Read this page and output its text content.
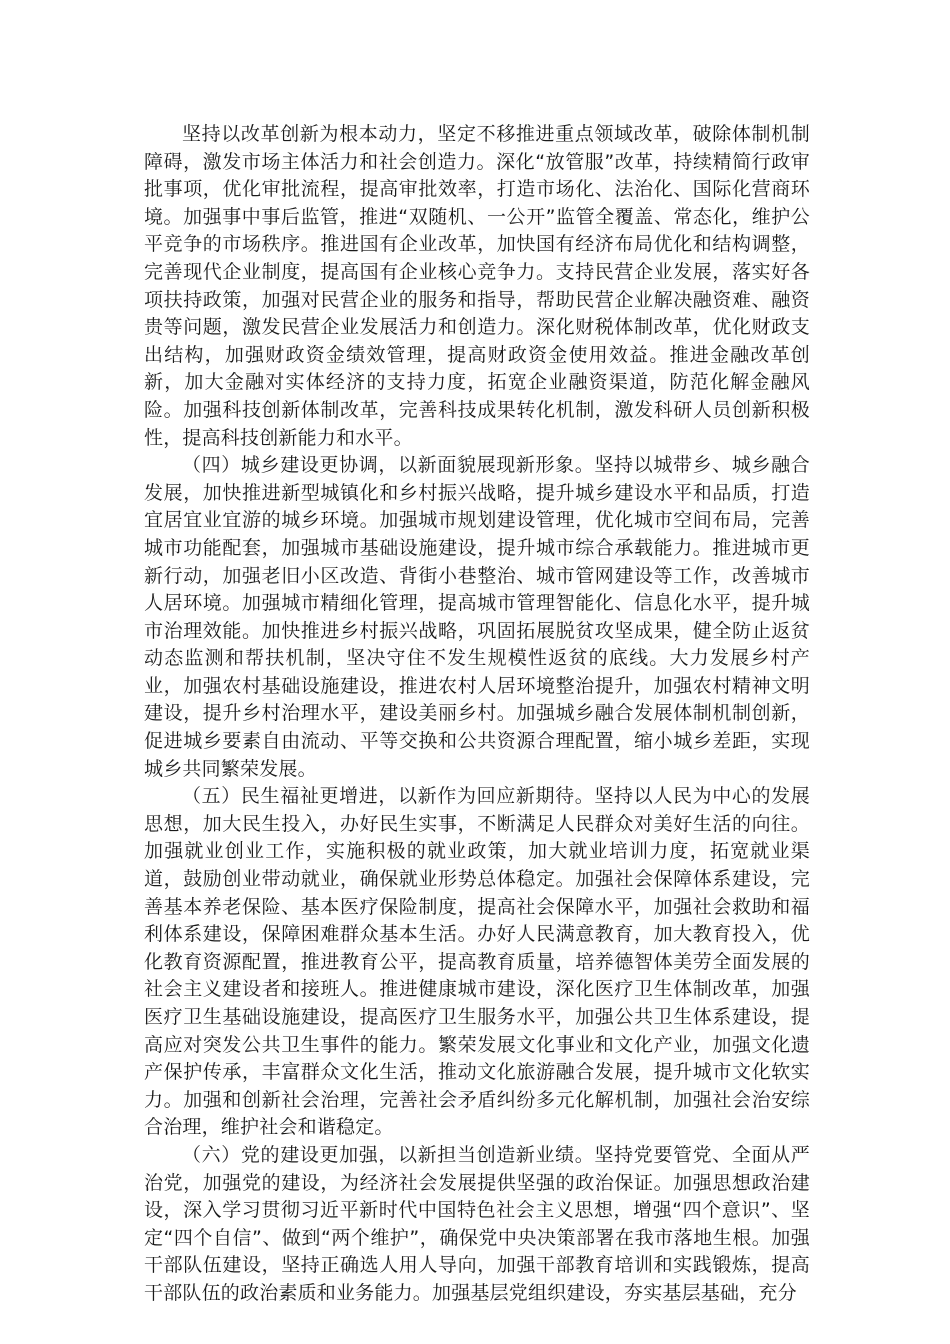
坚持以改革创新为根本动力，坚定不移推进重点领域改革，破除体制机制障碍，激发市场主体活力和社会创造力。深化“放管服”改革，持续精简行政审批事项，优化审批流程，提高审批效率，打造市场化、法治化、国际化营商环境。加强事中事后监管，推进“双随机、一公开”监管全覆盖、常态化，维护公平竞争的市场秩序。推进国有企业改革，加快国有经济布局优化和结构调整，完善现代企业制度，提高国有企业核心竞争力。支持民营企业发展，落实好各项扶持政策，加强对民营企业的服务和指导，帮助民营企业解决融资难、融资贵等问题，激发民营企业发展活力和创造力。深化财税体制改革，优化财政支出结构，加强财政资金绩效管理，提高财政资金使用效益。推进金融改革创新，加大金融对实体经济的支持力度，拓宽企业融资渠道，防范化解金融风险。加强科技创新体制改革，完善科技成果转化机制，激发科研人员创新积极性，提高科技创新能力和水平。

（四）城乡建设更协调，以新面貌展现新形象。坚持以城带乡、城乡融合发展，加快推进新型城镇化和乡村振兴战略，提升城乡建设水平和品质，打造宜居宜业宜游的城乡环境。加强城市规划建设管理，优化城市空间布局，完善城市功能配套，加强城市基础设施建设，提升城市综合承载能力。推进城市更新行动，加强老旧小区改造、背街小巷整治、城市管网建设等工作，改善城市人居环境。加强城市精细化管理，提高城市管理智能化、信息化水平，提升城市治理效能。加快推进乡村振兴战略，巩固拓展脱贫攻坚成果，健全防止返贫动态监测和帮扶机制，坚决守住不发生规模性返贫的底线。大力发展乡村产业，加强农村基础设施建设，推进农村人居环境整治提升，加强农村精神文明建设，提升乡村治理水平，建设美丽乡村。加强城乡融合发展体制机制创新，促进城乡要素自由流动、平等交换和公共资源合理配置，缩小城乡差距，实现城乡共同繁荣发展。

（五）民生福祉更增进，以新作为回应新期待。坚持以人民为中心的发展思想，加大民生投入，办好民生实事，不断满足人民群众对美好生活的向往。加强就业创业工作，实施积极的就业政策，加大就业培训力度，拓宽就业渠道，鼓励创业带动就业，确保就业形势总体稳定。加强社会保障体系建设，完善基本养老保险、基本医疗保险制度，提高社会保障水平，加强社会救助和福利体系建设，保障困难群众基本生活。办好人民满意教育，加大教育投入，优化教育资源配置，推进教育公平，提高教育质量，培养德智体美劳全面发展的社会主义建设者和接班人。推进健康城市建设，深化医疗卫生体制改革，加强医疗卫生基础设施建设，提高医疗卫生服务水平，加强公共卫生体系建设，提高应对突发公共卫生事件的能力。繁荣发展文化事业和文化产业，加强文化遗产保护传承，丰富群众文化生活，推动文化旅游融合发展，提升城市文化软实力。加强和创新社会治理，完善社会矛盾纠纷多元化解机制，加强社会治安综合治理，维护社会和谐稳定。

（六）党的建设更加强，以新担当创造新业绩。坚持党要管党、全面从严治党，加强党的建设，为经济社会发展提供坚强的政治保证。加强思想政治建设，深入学习贯彻习近平新时代中国特色社会主义思想，增强“四个意识”、坚定“四个自信”、做到“两个维护”，确保党中央决策部署在我市落地生根。加强干部队伍建设，坚持正确选人用人导向，加强干部教育培训和实践锻炼，提高干部队伍的政治素质和业务能力。加强基层党组织建设，夯实基层基础，充分
